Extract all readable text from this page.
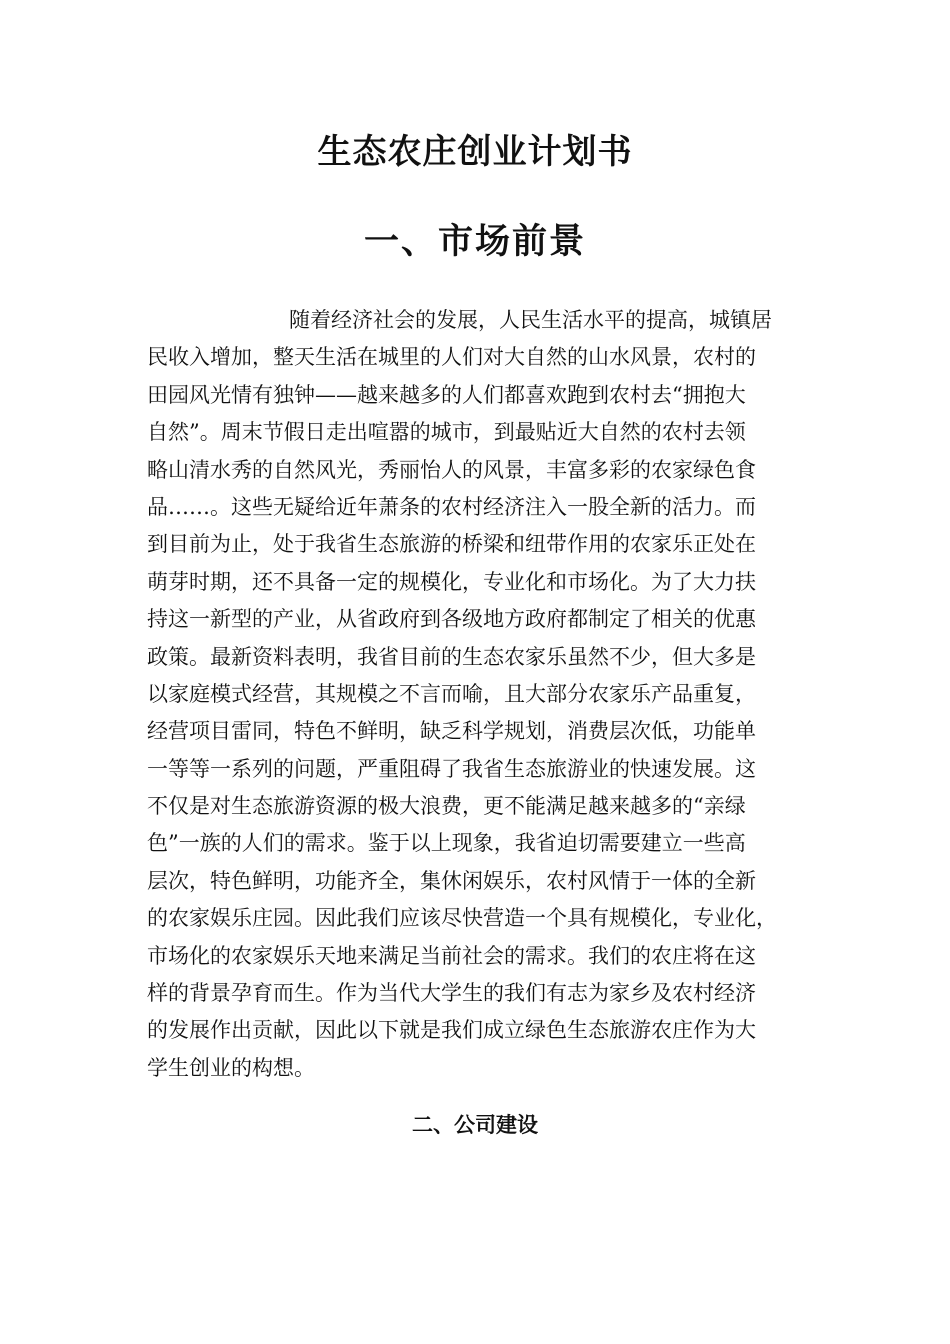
生态农庄创业计划书
一、市场前景
随着经济社会的发展，人民生活水平的提高，城镇居
民收入增加，整天生活在城里的人们对大自然的山水风景，农村的
田园风光情有独钟——越来越多的人们都喜欢跑到农村去“拥抱大
自然”。周末节假日走出喧嚣的城市，到最贴近大自然的农村去领
略山清水秀的自然风光，秀丽怡人的风景，丰富多彩的农家绿色食
品……。这些无疑给近年萧条的农村经济注入一股全新的活力。而
到目前为止，处于我省生态旅游的桥梁和纽带作用的农家乐正处在
萌芽时期，还不具备一定的规模化，专业化和市场化。为了大力扶
持这一新型的产业，从省政府到各级地方政府都制定了相关的优惠
政策。最新资料表明，我省目前的生态农家乐虽然不少，但大多是
以家庭模式经营，其规模之不言而喻，且大部分农家乐产品重复，
经营项目雷同，特色不鲜明，缺乏科学规划，消费层次低，功能单
一等等一系列的问题，严重阻碍了我省生态旅游业的快速发展。这
不仅是对生态旅游资源的极大浪费，更不能满足越来越多的“亲绿
色”一族的人们的需求。鉴于以上现象，我省迫切需要建立一些高
层次，特色鲜明，功能齐全，集休闲娱乐，农村风情于一体的全新
的农家娱乐庄园。因此我们应该尽快营造一个具有规模化，专业化，
市场化的农家娱乐天地来满足当前社会的需求。我们的农庄将在这
样的背景孕育而生。作为当代大学生的我们有志为家乡及农村经济
的发展作出贡献，因此以下就是我们成立绿色生态旅游农庄作为大
学生创业的构想。
二、公司建设
